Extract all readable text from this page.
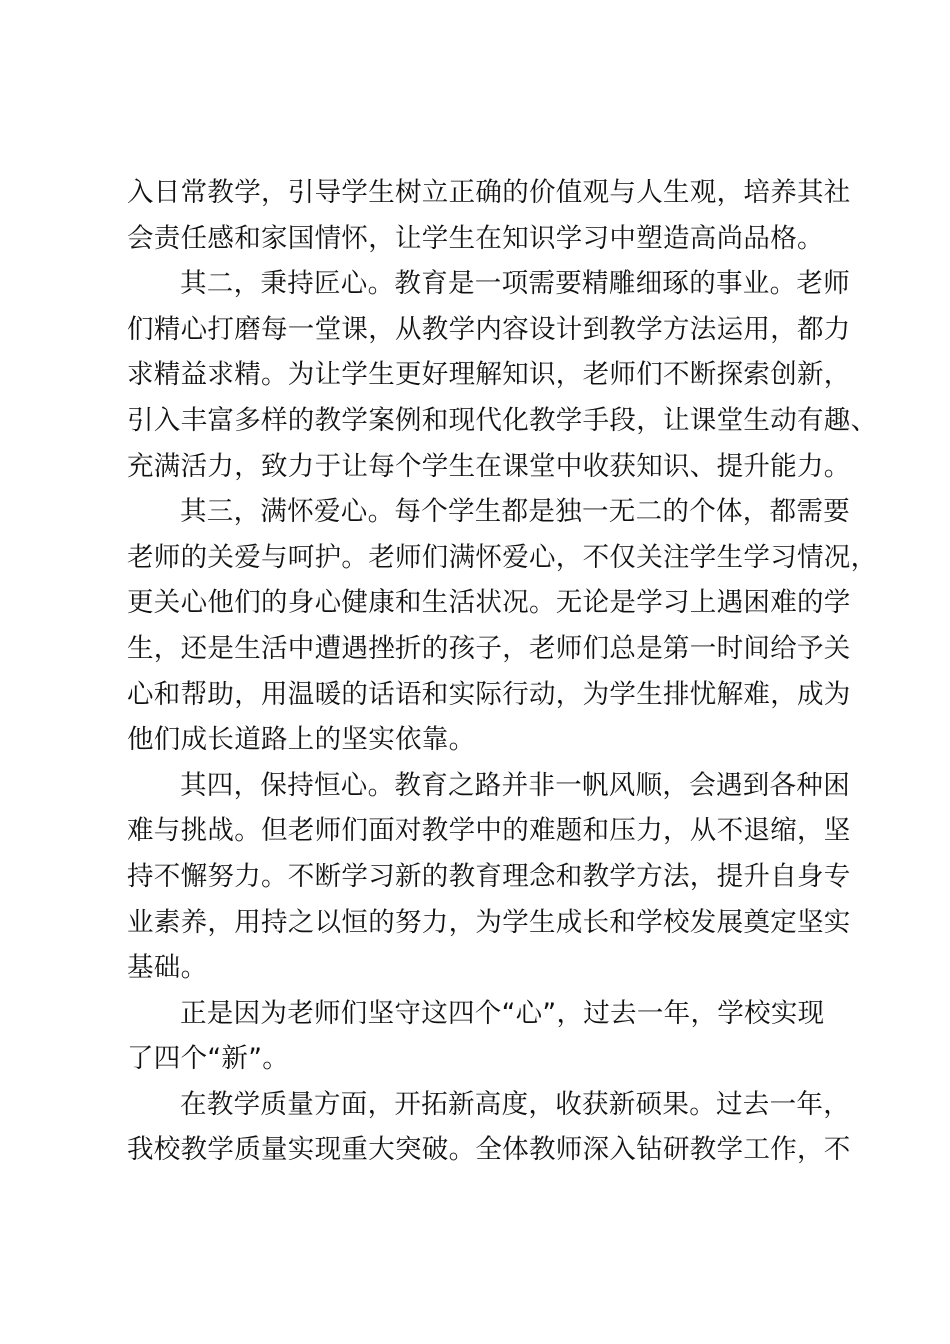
入日常教学，引导学生树立正确的价值观与人生观，培养其社
会责任感和家国情怀，让学生在知识学习中塑造高尚品格。
其二，秉持匠心。教育是一项需要精雕细琢的事业。老师
们精心打磨每一堂课，从教学内容设计到教学方法运用，都力
求精益求精。为让学生更好理解知识，老师们不断探索创新，
引入丰富多样的教学案例和现代化教学手段，让课堂生动有趣、
充满活力，致力于让每个学生在课堂中收获知识、提升能力。
其三，满怀爱心。每个学生都是独一无二的个体，都需要
老师的关爱与呵护。老师们满怀爱心，不仅关注学生学习情况，
更关心他们的身心健康和生活状况。无论是学习上遇困难的学
生，还是生活中遭遇挫折的孩子，老师们总是第一时间给予关
心和帮助，用温暖的话语和实际行动，为学生排忧解难，成为
他们成长道路上的坚实依靠。
其四，保持恒心。教育之路并非一帆风顺，会遇到各种困
难与挑战。但老师们面对教学中的难题和压力，从不退缩，坚
持不懈努力。不断学习新的教育理念和教学方法，提升自身专
业素养，用持之以恒的努力，为学生成长和学校发展奠定坚实
基础。
正是因为老师们坚守这四个“心”，过去一年，学校实现
了四个“新”。
在教学质量方面，开拓新高度，收获新硕果。过去一年，
我校教学质量实现重大突破。全体教师深入钻研教学工作，不
